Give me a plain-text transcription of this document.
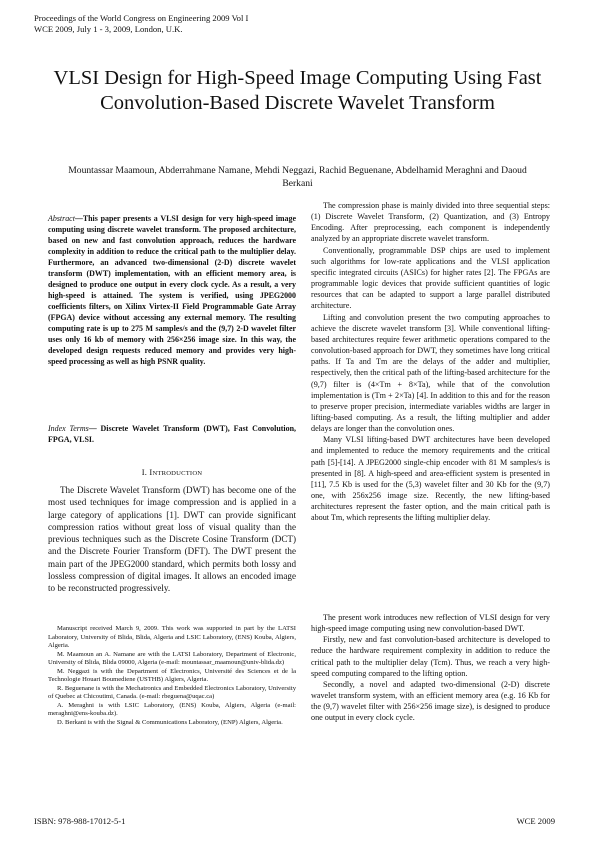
Proceedings of the World Congress on Engineering 2009 Vol I
WCE 2009, July 1 - 3, 2009, London, U.K.
VLSI Design for High-Speed Image Computing Using Fast Convolution-Based Discrete Wavelet Transform
Mountassar Maamoun, Abderrahmane Namane, Mehdi Neggazi, Rachid Beguenane, Abdelhamid Meraghni and Daoud Berkani
Abstract—This paper presents a VLSI design for very high-speed image computing using discrete wavelet transform. The proposed architecture, based on new and fast convolution approach, reduces the hardware complexity in addition to reduce the critical path to the multiplier delay. Furthermore, an advanced two-dimensional (2-D) discrete wavelet transform (DWT) implementation, with an efficient memory area, is designed to produce one output in every clock cycle. As a result, a very high-speed is attained. The system is verified, using JPEG2000 coefficients filters, on Xilinx Virtex-II Field Programmable Gate Array (FPGA) device without accessing any external memory. The resulting computing rate is up to 275 M samples/s and the (9,7) 2-D wavelet filter uses only 16 kb of memory with 256×256 image size. In this way, the developed design requests reduced memory and provides very high-speed processing as well as high PSNR quality.
Index Terms— Discrete Wavelet Transform (DWT), Fast Convolution, FPGA, VLSI.
I. INTRODUCTION

The Discrete Wavelet Transform (DWT) has become one of the most used techniques for image compression and is applied in a large category of applications [1]. DWT can provide significant compression ratios without great loss of visual quality than the previous techniques such as the Discrete Cosine Transform (DCT) and the Discrete Fourier Transform (DFT). The DWT present the main part of the JPEG2000 standard, which permits both lossy and lossless compression of digital images. It allows an encoded image to be reconstructed progressively.

Manuscript received March 9, 2009. This work was supported in part by the LATSI Laboratory, University of Blida, Blida, Algeria and LSIC Laboratory, (ENS) Kouba, Algiers, Algeria.

M. Maamoun an A. Namane are with the LATSI Laboratory, Department of Electronic, University of Blida, Blida 09000, Algeria (e-mail: mountassar_maamoun@univ-blida.dz)

M. Neggazi is with the Department of Electronics, Université des Sciences et de la Technologie Houari Boumediene (USTHB) Algiers, Algeria.

R. Beguenane is with the Mechatronics and Embedded Electronics Laboratory, University of Quebec at Chicoutimi, Canada. (e-mail: rbeguena@uqac.ca)

A. Meraghni is with LSIC Laboratory, (ENS) Kouba, Algiers, Algeria (e-mail: meraghni@ens-kouba.dz).

D. Berkani is with the Signal & Communications Laboratory, (ENP) Algiers, Algeria.

The compression phase is mainly divided into three sequential steps: (1) Discrete Wavelet Transform, (2) Quantization, and (3) Entropy Encoding. After preprocessing, each component is independently analyzed by an appropriate discrete wavelet transform.

Conventionally, programmable DSP chips are used to implement such algorithms for low-rate applications and the VLSI application specific integrated circuits (ASICs) for higher rates [2]. The FPGAs are programmable logic devices that provide sufficient quantities of logic resources that can be adapted to support a large parallel distributed architecture.

Lifting and convolution present the two computing approaches to achieve the discrete wavelet transform [3]. While conventional lifting-based architectures require fewer arithmetic operations compared to the convolution-based approach for DWT, they sometimes have long critical paths. If Ta and Tm are the delays of the adder and multiplier, respectively, then the critical path of the lifting-based architecture for the (9,7) filter is (4×Tm + 8×Ta), while that of the convolution implementation is (Tm + 2×Ta) [4]. In addition to this and for the reason to preserve proper precision, intermediate variables widths are larger in lifting-based computing. As a result, the lifting multiplier and adder delays are longer than the convolution ones.

Many VLSI lifting-based DWT architectures have been developed and implemented to reduce the memory requirements and the critical path [5]-[14]. A JPEG2000 single-chip encoder with 81 M samples/s is presented in [8]. A high-speed and area-efficient system is presented in [11], 7.5 Kb is used for the (5,3) wavelet filter and 30 Kb for the (9,7) one, with 256x256 image size. Recently, the new lifting-based architectures represent the faster option, and the main critical path is about Tm, which represents the lifting multiplier delay.

The present work introduces new reflection of VLSI design for very high-speed image computing using new convolution-based DWT.

Firstly, new and fast convolution-based architecture is developed to reduce the hardware requirement complexity in addition to reduce the critical path to the multiplier delay (Tcm). Thus, we reach a very high-speed computing compared to the lifting option.

Secondly, a novel and adapted two-dimensional (2-D) discrete wavelet transform system, with an efficient memory area (e.g. 16 Kb for the (9,7) wavelet filter with 256×256 image size), is designed to produce one output in every clock cycle.

ISBN: 978-988-17012-5-1	WCE 2009
